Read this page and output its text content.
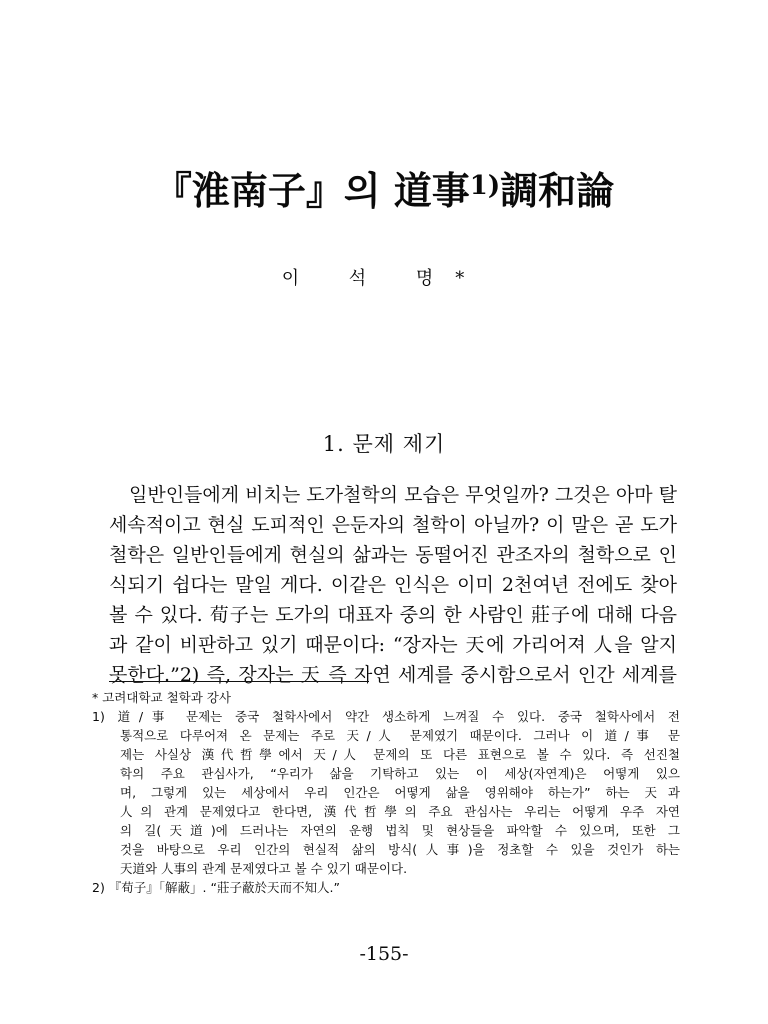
『淮南子』의 道事$^{1)}$調和論
이 석 명*
1. 문제 제기
일반인들에게 비치는 도가철학의 모습은 무엇일까? 그것은 아마 탈
세속적이고 현실 도피적인 은둔자의 철학이 아닐까? 이 말은 곧 도가
철학은 일반인들에게 현실의 삶과는 동떨어진 관조자의 철학으로 인
식되기 쉽다는 말일 게다. 이같은 인식은 이미 2천여년 전에도 찾아
볼 수 있다. 荀子는 도가의 대표자 중의 한 사람인 莊子에 대해 다음
과 같이 비판하고 있기 때문이다: “장자는 天에 가리어져 人을 알지
못한다.”2) 즉, 장자는 天 즉 자연 세계를 중시함으로서 인간 세계를
* 고려대학교 철학과 강사
1) 道/事 문제는 중국 철학사에서 약간 생소하게 느껴질 수 있다. 중국 철학사에서 전
통적으로 다루어져 온 문제는 주로 天/人 문제였기 때문이다. 그러나 이 道/事 문
제는 사실상 漢代哲學에서 天/人 문제의 또 다른 표현으로 볼 수 있다. 즉 선진철
학의 주요 관심사가, “우리가 삶을 기탁하고 있는 이 세상(자연계)은 어떻게 있으
며, 그렇게 있는 세상에서 우리 인간은 어떻게 삶을 영위해야 하는가” 하는 天과
人의 관계 문제였다고 한다면, 漢代哲學의 주요 관심사는 우리는 어떻게 우주 자연
의 길(天道)에 드러나는 자연의 운행 법칙 및 현상들을 파악할 수 있으며, 또한 그
것을 바탕으로 우리 인간의 현실적 삶의 방식(人事)을 정초할 수 있을 것인가 하는
天道와 人事의 관계 문제였다고 볼 수 있기 때문이다.
2) 『荀子』「解蔽」. “莊子蔽於天而不知人.”
-155-
